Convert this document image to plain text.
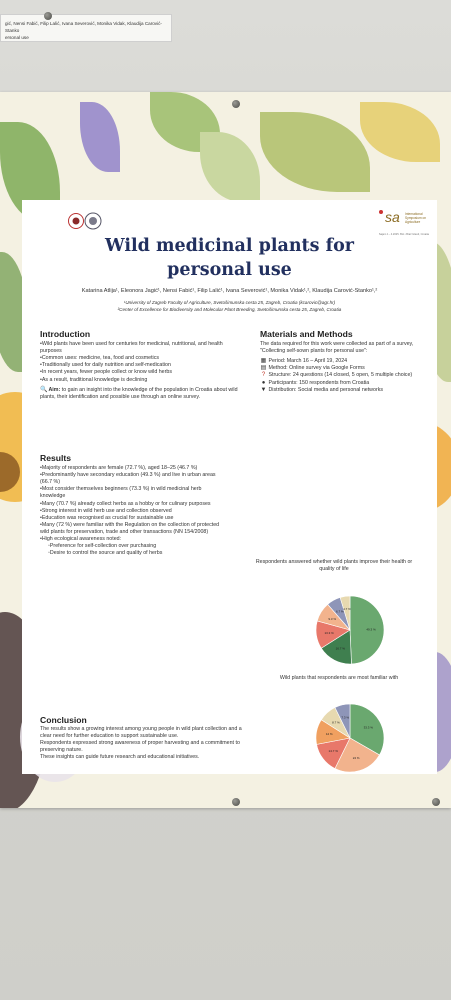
gić, Nensi Fabić, Filip Lalić, Ivana Severović, Monika Vidak, Klaudija Carović-Stanko
ersonal use
sa International Symposium on Agriculture
Sajam 1 - 4.2025. Bol • Brač Island, Croatia
Wild medicinal plants for
personal use
Katarina Atlija¹, Eleonora Jagić¹, Nensi Fabić¹, Filip Lalić¹, Ivana Severović¹, Monika Vidak¹,², Klaudija Carović-Stanko¹,²
¹University of Zagreb Faculty of Agriculture, Svetošimunska cesta 25, Zagreb, Croatia (kcarovic@agr.hr)
²Center of Excellence for Biodiversity and Molecular Plant Breeding, Svetošimunska cesta 25, Zagreb, Croatia
Introduction
• Wild plants have been used for centuries for medicinal, nutritional, and health purposes
• Common uses: medicine, tea, food and cosmetics
• Traditionally used for daily nutrition and self-medication
• In recent years, fewer people collect or know wild herbs
• As a result, traditional knowledge is declining

🔍 Aim: to gain an insight into the knowledge of the population in Croatia about wild plants, their identification and possible use through an online survey.

Materials and Methods

The data required for this work were collected as part of a survey, "Collecting self-sown plants for personal use":

▦ Period: March 16 – April 19, 2024
▤ Method: Online survey via Google Forms
? Structure: 24 questions (14 closed, 5 open, 5 multiple choice)
● Participants: 150 respondents from Croatia
▼ Distribution: Social media and personal networks
Results
• Majority of respondents are female (72.7 %), aged 18–25 (46.7 %)
• Predominantly have secondary education (49.3 %) and live in urban areas (66.7 %)
• Most consider themselves beginners (73.3 %) in wild medicinal herb knowledge
• Many (70.7 %) already collect herbs as a hobby or for culinary purposes
• Strong interest in wild herb use and collection observed
• Education was recognised as crucial for sustainable use
• Many (72 %) were familiar with the Regulation on the collection of protected wild plants for preservation, trade and other transactions (NN 154/2008)
• High ecological awareness noted:
◦ Preference for self-collection over purchasing
◦ Desire to control the source and quality of herbs
Conclusion

The results show a growing interest among young people in wild plant collection and a clear need for further education to support sustainable use.

Respondents expressed strong awareness of proper harvesting and a commitment to preserving nature.

These insights can guide future research and educational initiatives.

Respondents answered whether wild plants improve their health or quality of life
49.3 %
16.7 %
13.3 %
9.3 %
6.7 %
4.7 %
Wild plants that respondents are most familiar with
33.3 %
24 %
14.7 %
12 %
8.7 %
7.3 %
